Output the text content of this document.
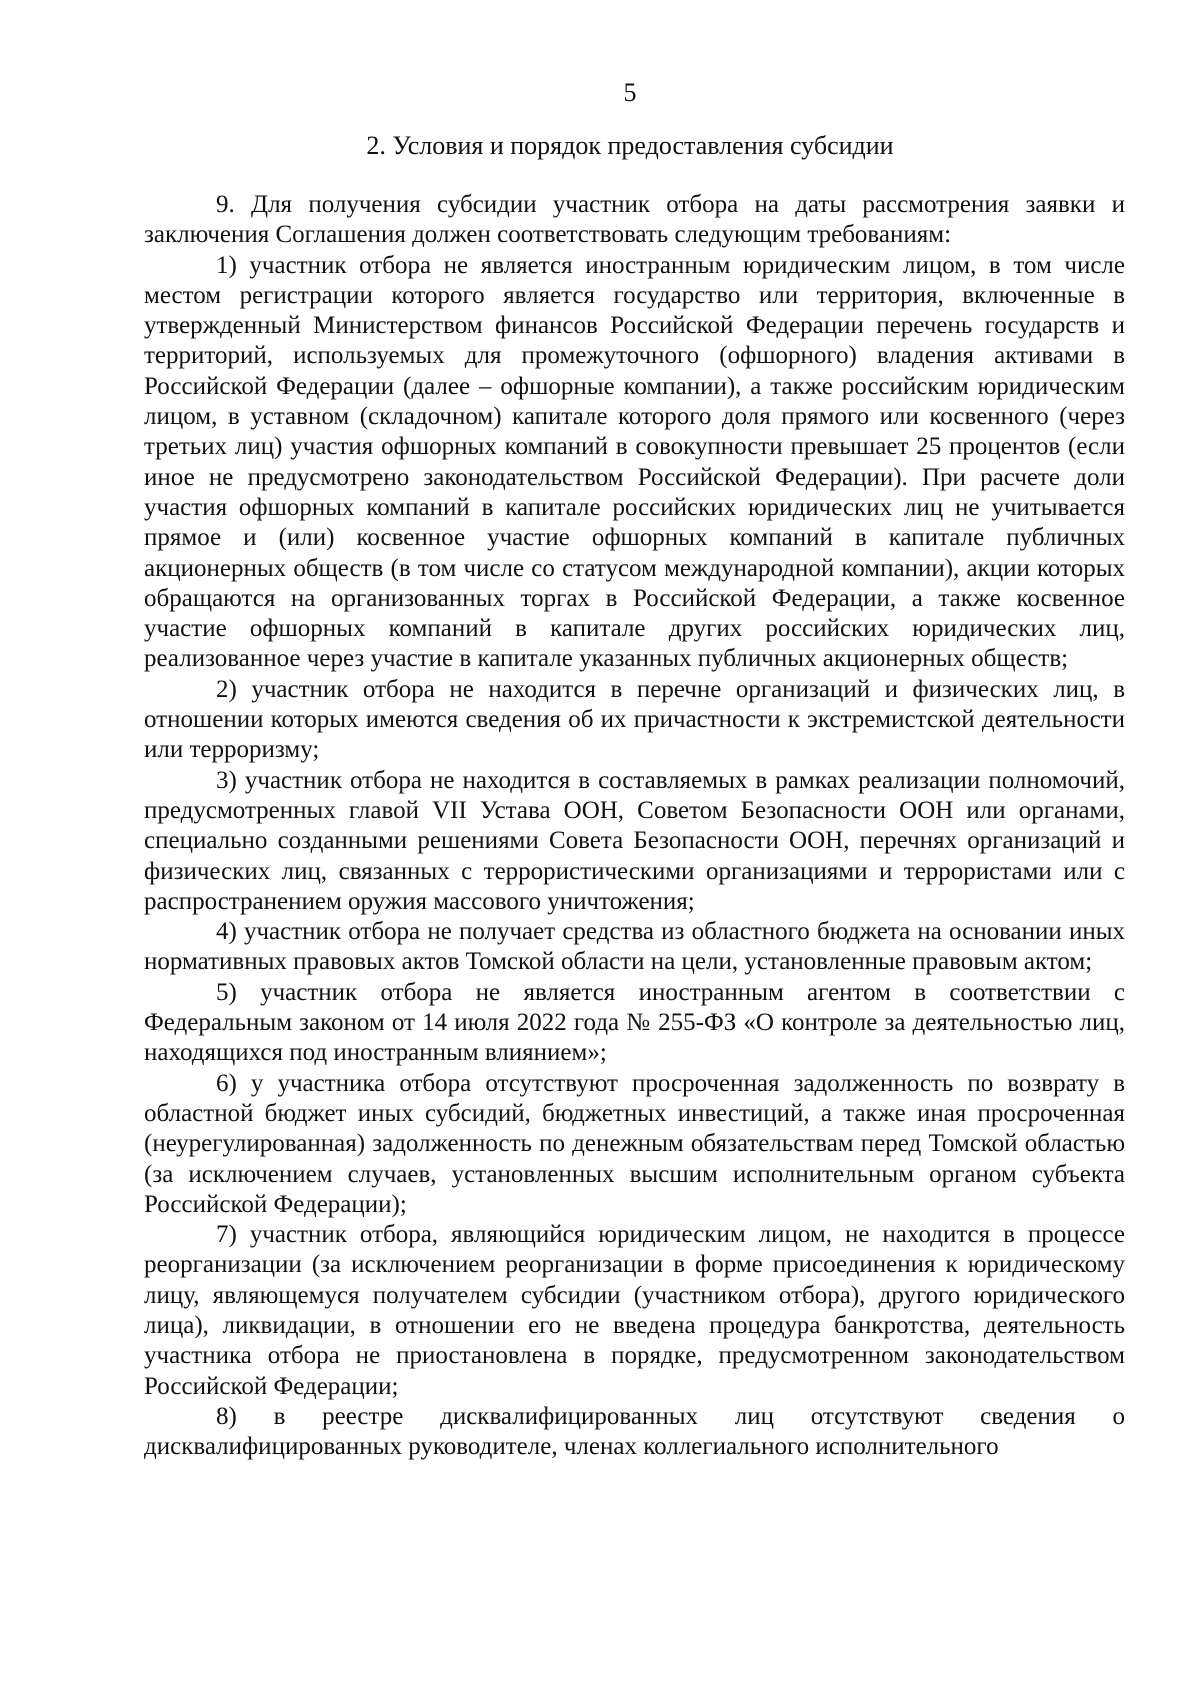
5
2. Условия и порядок предоставления субсидии

9. Для получения субсидии участник отбора на даты рассмотрения заявки и заключения Соглашения должен соответствовать следующим требованиям:

1) участник отбора не является иностранным юридическим лицом, в том числе местом регистрации которого является государство или территория, включенные в утвержденный Министерством финансов Российской Федерации перечень государств и территорий, используемых для промежуточного (офшорного) владения активами в Российской Федерации (далее – офшорные компании), а также российским юридическим лицом, в уставном (складочном) капитале которого доля прямого или косвенного (через третьих лиц) участия офшорных компаний в совокупности превышает 25 процентов (если иное не предусмотрено законодательством Российской Федерации). При расчете доли участия офшорных компаний в капитале российских юридических лиц не учитывается прямое и (или) косвенное участие офшорных компаний в капитале публичных акционерных обществ (в том числе со статусом международной компании), акции которых обращаются на организованных торгах в Российской Федерации, а также косвенное участие офшорных компаний в капитале других российских юридических лиц, реализованное через участие в капитале указанных публичных акционерных обществ;

2) участник отбора не находится в перечне организаций и физических лиц, в отношении которых имеются сведения об их причастности к экстремистской деятельности или терроризму;

3) участник отбора не находится в составляемых в рамках реализации полномочий, предусмотренных главой VII Устава ООН, Советом Безопасности ООН или органами, специально созданными решениями Совета Безопасности ООН, перечнях организаций и физических лиц, связанных с террористическими организациями и террористами или с распространением оружия массового уничтожения;

4) участник отбора не получает средства из областного бюджета на основании иных нормативных правовых актов Томской области на цели, установленные правовым актом;

5) участник отбора не является иностранным агентом в соответствии с Федеральным законом от 14 июля 2022 года № 255-ФЗ «О контроле за деятельностью лиц, находящихся под иностранным влиянием»;

6) у участника отбора отсутствуют просроченная задолженность по возврату в областной бюджет иных субсидий, бюджетных инвестиций, а также иная просроченная (неурегулированная) задолженность по денежным обязательствам перед Томской областью (за исключением случаев, установленных высшим исполнительным органом субъекта Российской Федерации);

7) участник отбора, являющийся юридическим лицом, не находится в процессе реорганизации (за исключением реорганизации в форме присоединения к юридическому лицу, являющемуся получателем субсидии (участником отбора), другого юридического лица), ликвидации, в отношении его не введена процедура банкротства, деятельность участника отбора не приостановлена в порядке, предусмотренном законодательством Российской Федерации;

8) в реестре дисквалифицированных лиц отсутствуют сведения о дисквалифицированных руководителе, членах коллегиального исполнительного
